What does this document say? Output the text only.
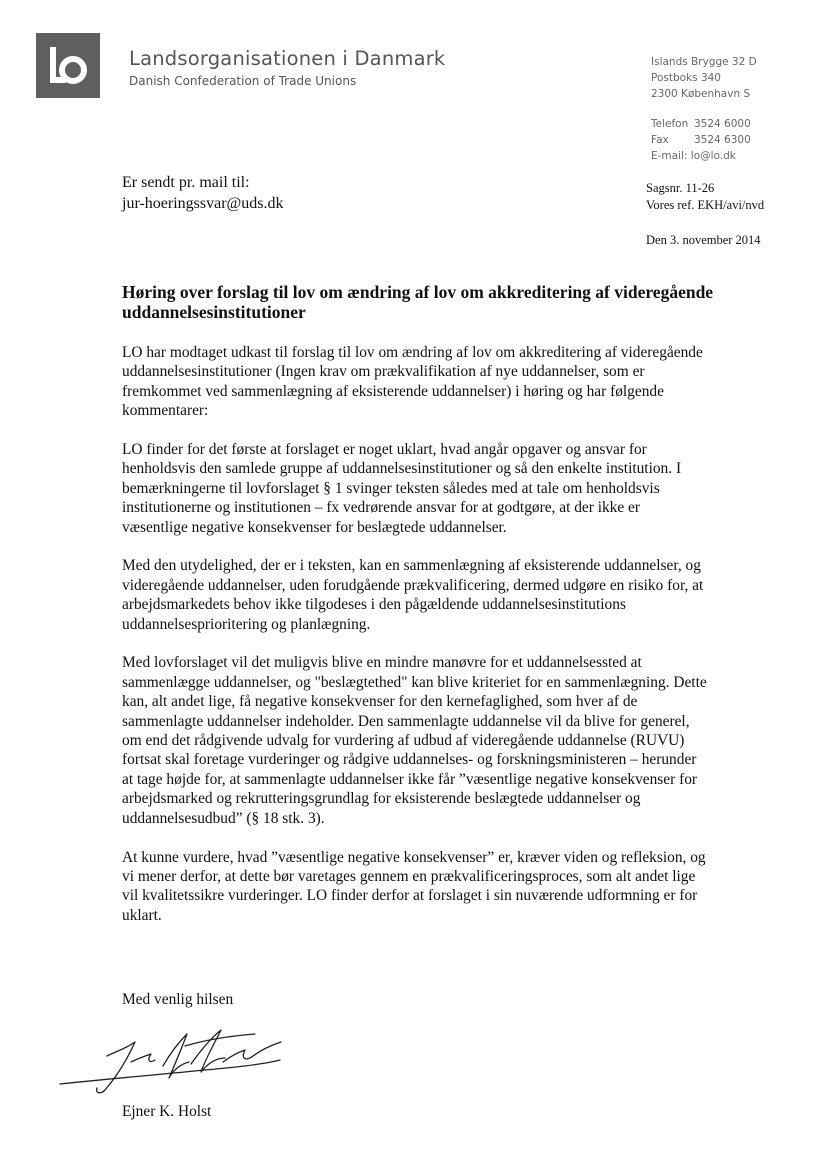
Landsorganisationen i Danmark
Danish Confederation of Trade Unions
Islands Brygge 32 D
Postboks 340
2300 København S
Telefon 3524 6000
Fax 3524 6300
E-mail: lo@lo.dk
Er sendt pr. mail til:
jur-hoeringssvar@uds.dk
Sagsnr. 11-26
Vores ref. EKH/avi/nvd
Den 3. november 2014
Høring over forslag til lov om ændring af lov om akkreditering af videregående uddannelsesinstitutioner

LO har modtaget udkast til forslag til lov om ændring af lov om akkreditering af videregående uddannelsesinstitutioner (Ingen krav om prækvalifikation af nye uddannelser, som er fremkommet ved sammenlægning af eksisterende uddannelser) i høring og har følgende kommentarer:

LO finder for det første at forslaget er noget uklart, hvad angår opgaver og ansvar for henholdsvis den samlede gruppe af uddannelsesinstitutioner og så den enkelte institution. I bemærkningerne til lovforslaget § 1 svinger teksten således med at tale om henholdsvis institutionerne og institutionen – fx vedrørende ansvar for at godtgøre, at der ikke er væsentlige negative konsekvenser for beslægtede uddannelser.

Med den utydelighed, der er i teksten, kan en sammenlægning af eksisterende uddannelser, og videregående uddannelser, uden forudgående prækvalificering, dermed udgøre en risiko for, at arbejdsmarkedets behov ikke tilgodeses i den pågældende uddannelsesinstitutions uddannelsesprioritering og planlægning.

Med lovforslaget vil det muligvis blive en mindre manøvre for et uddannelsessted at sammenlægge uddannelser, og "beslægtethed" kan blive kriteriet for en sammenlægning. Dette kan, alt andet lige, få negative konsekvenser for den kernefaglighed, som hver af de sammenlagte uddannelser indeholder. Den sammenlagte uddannelse vil da blive for generel, om end det rådgivende udvalg for vurdering af udbud af videregående uddannelse (RUVU) fortsat skal foretage vurderinger og rådgive uddannelses- og forskningsministeren – herunder at tage højde for, at sammenlagte uddannelser ikke får ”væsentlige negative konsekvenser for arbejdsmarked og rekrutteringsgrundlag for eksisterende beslægtede uddannelser og uddannelsesudbud” (§ 18 stk. 3).

At kunne vurdere, hvad ”væsentlige negative konsekvenser” er, kræver viden og refleksion, og vi mener derfor, at dette bør varetages gennem en prækvalificeringsproces, som alt andet lige vil kvalitetssikre vurderinger. LO finder derfor at forslaget i sin nuværende udformning er for uklart.

Med venlig hilsen
Ejner K. Holst
